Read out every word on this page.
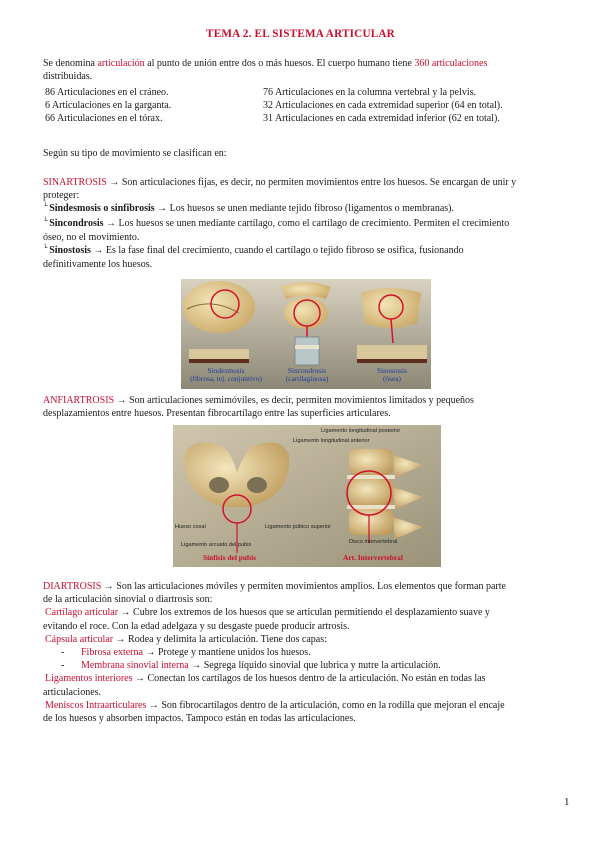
TEMA 2. EL SISTEMA ARTICULAR
Se denomina articulación al punto de unión entre dos o más huesos. El cuerpo humano tiene 360 articulaciones
distribuidas.
86 Articulaciones en el cráneo.	76 Articulaciones en la columna vertebral y la pelvis.
6 Articulaciones en la garganta.	32 Articulaciones en cada extremidad superior (64 en total).
66 Articulaciones en el tórax.	31 Articulaciones en cada extremidad inferior (62 en total).
Según su tipo de movimiento se clasifican en:
SINARTROSIS → Son articulaciones fijas, es decir, no permiten movimientos entre los huesos. Se encargan de unir y
proteger:
└ Sindesmosis o sinfibrosis → Los huesos se unen mediante tejido fibroso (ligamentos o membranas).
└ Sincondrosis → Los huesos se unen mediante cartílago, como el cartílago de crecimiento. Permiten el crecimiento
óseo, no el movimiento.
└ Sinostosis → Es la fase final del crecimiento, cuando el cartílago o tejido fibroso se osifica, fusionando
definitivamente los huesos.
Sindesmosis
(fibrosa, tej. conjuntivo)
Sincondrosis
(cartílaginosa)
Sinostosis
(ósea)
ANFIARTROSIS → Son articulaciones semimóviles, es decir, permiten movimientos limitados y pequeños
desplazamientos entre huesos. Presentan fibrocartílago entre las superficies articulares.
Ligamento longitudinal posterior
Ligamento longitudinal anterior
Hueso coxal	Ligamento púbico superior
Ligamento arcuato del pubis	Disco intervertebral
Sínfisis del pubis	Art. Intervertebral
DIARTROSIS → Son las articulaciones móviles y permiten movimientos amplios. Los elementos que forman parte
de la articulación sinovial o diartrosis son:
Cartílago articular → Cubre los extremos de los huesos que se articulan permitiendo el desplazamiento suave y
evitando el roce. Con la edad adelgaza y su desgaste puede producir artrosis.
Cápsula articular → Rodea y delimita la articulación. Tiene dos capas:
- Fibrosa externa → Protege y mantiene unidos los huesos.
- Membrana sinovial interna → Segrega líquido sinovial que lubrica y nutre la articulación.
Ligamentos interiores → Conectan los cartílagos de los huesos dentro de la articulación. No están en todas las
articulaciones.
Meniscos Intraarticulares → Son fibrocartílagos dentro de la articulación, como en la rodilla que mejoran el encaje
de los huesos y absorben impactos. Tampoco están en todas las articulaciones.
1
